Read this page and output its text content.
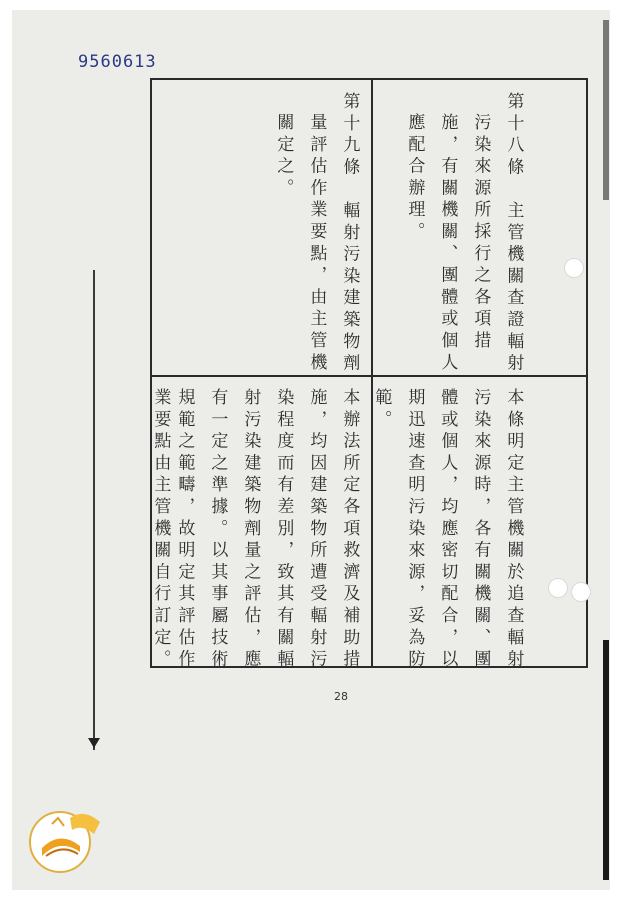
9560613
第十八條　主管機關查證輻射
污染來源所採行之各項措
施，有關機關、團體或個人
應配合辦理。
本條明定主管機關於追查輻射
污染來源時，各有關機關、團
體或個人，均應密切配合，以
期迅速查明污染來源，妥為防
範。
第十九條　輻射污染建築物劑
量評估作業要點，由主管機
關定之。
本辦法所定各項救濟及補助措
施，均因建築物所遭受輻射污
染程度而有差別，致其有關輻
射污染建築物劑量之評估，應
有一定之準據。以其事屬技術
規範之範疇，故明定其評估作
業要點由主管機關自行訂定。
28
